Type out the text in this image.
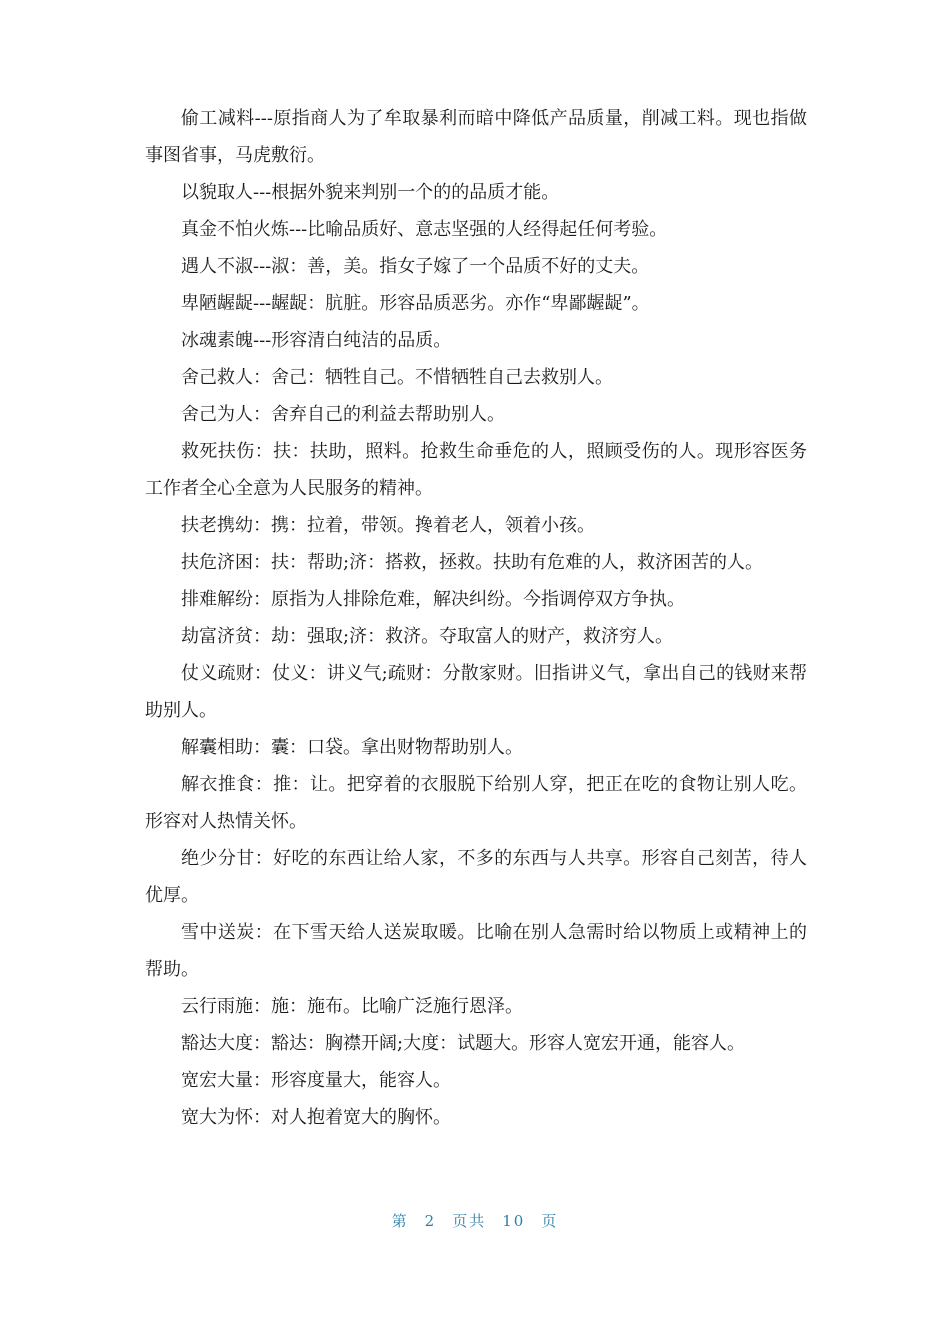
偷工减料---原指商人为了牟取暴利而暗中降低产品质量，削减工料。现也指做事图省事，马虎敷衍。

以貌取人---根据外貌来判别一个的的品质才能。

真金不怕火炼---比喻品质好、意志坚强的人经得起任何考验。

遇人不淑---淑：善，美。指女子嫁了一个品质不好的丈夫。

卑陋龌龊---龌龊：肮脏。形容品质恶劣。亦作“卑鄙龌龊”。

冰魂素魄---形容清白纯洁的品质。

舍己救人：舍己：牺牲自己。不惜牺牲自己去救别人。

舍己为人：舍弃自己的利益去帮助别人。

救死扶伤：扶：扶助，照料。抢救生命垂危的人，照顾受伤的人。现形容医务工作者全心全意为人民服务的精神。

扶老携幼：携：拉着，带领。搀着老人，领着小孩。

扶危济困：扶：帮助;济：搭救，拯救。扶助有危难的人，救济困苦的人。

排难解纷：原指为人排除危难，解决纠纷。今指调停双方争执。

劫富济贫：劫：强取;济：救济。夺取富人的财产，救济穷人。

仗义疏财：仗义：讲义气;疏财：分散家财。旧指讲义气，拿出自己的钱财来帮助别人。

解囊相助：囊：口袋。拿出财物帮助别人。

解衣推食：推：让。把穿着的衣服脱下给别人穿，把正在吃的食物让别人吃。形容对人热情关怀。

绝少分甘：好吃的东西让给人家，不多的东西与人共享。形容自己刻苦，待人优厚。

雪中送炭：在下雪天给人送炭取暖。比喻在别人急需时给以物质上或精神上的帮助。

云行雨施：施：施布。比喻广泛施行恩泽。

豁达大度：豁达：胸襟开阔;大度：试题大。形容人宽宏开通，能容人。

宽宏大量：形容度量大，能容人。

宽大为怀：对人抱着宽大的胸怀。

第 2 页共 10 页
